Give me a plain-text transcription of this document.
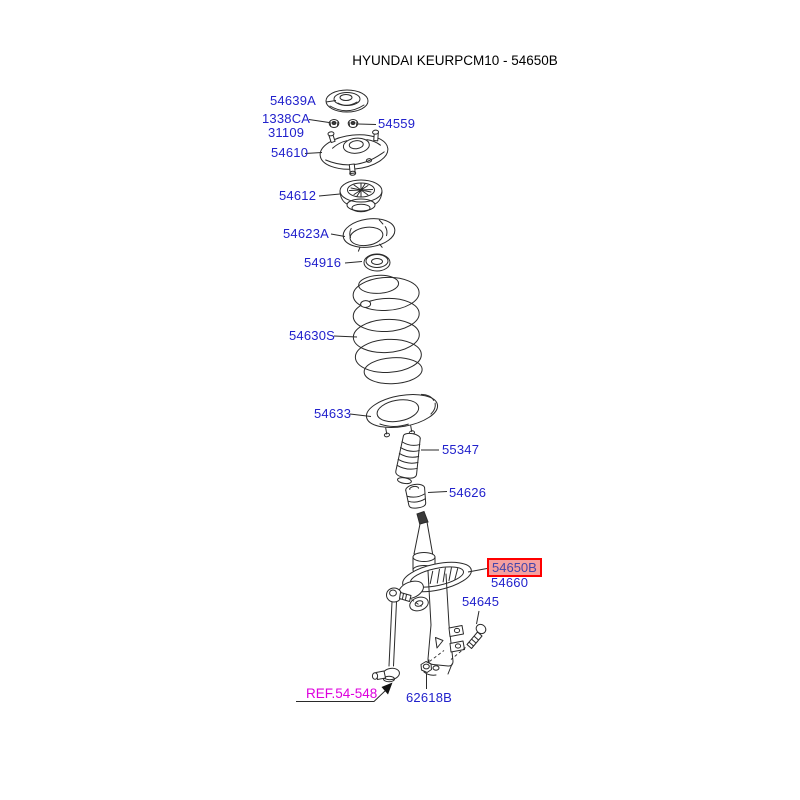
HYUNDAI KEURPCM10 - 54650B
54639A
1338CA
31109
54559
54610
54612
54623A
54916
54630S
54633
55347
54626
54650B
54660
54645
62618B
REF.54-548
